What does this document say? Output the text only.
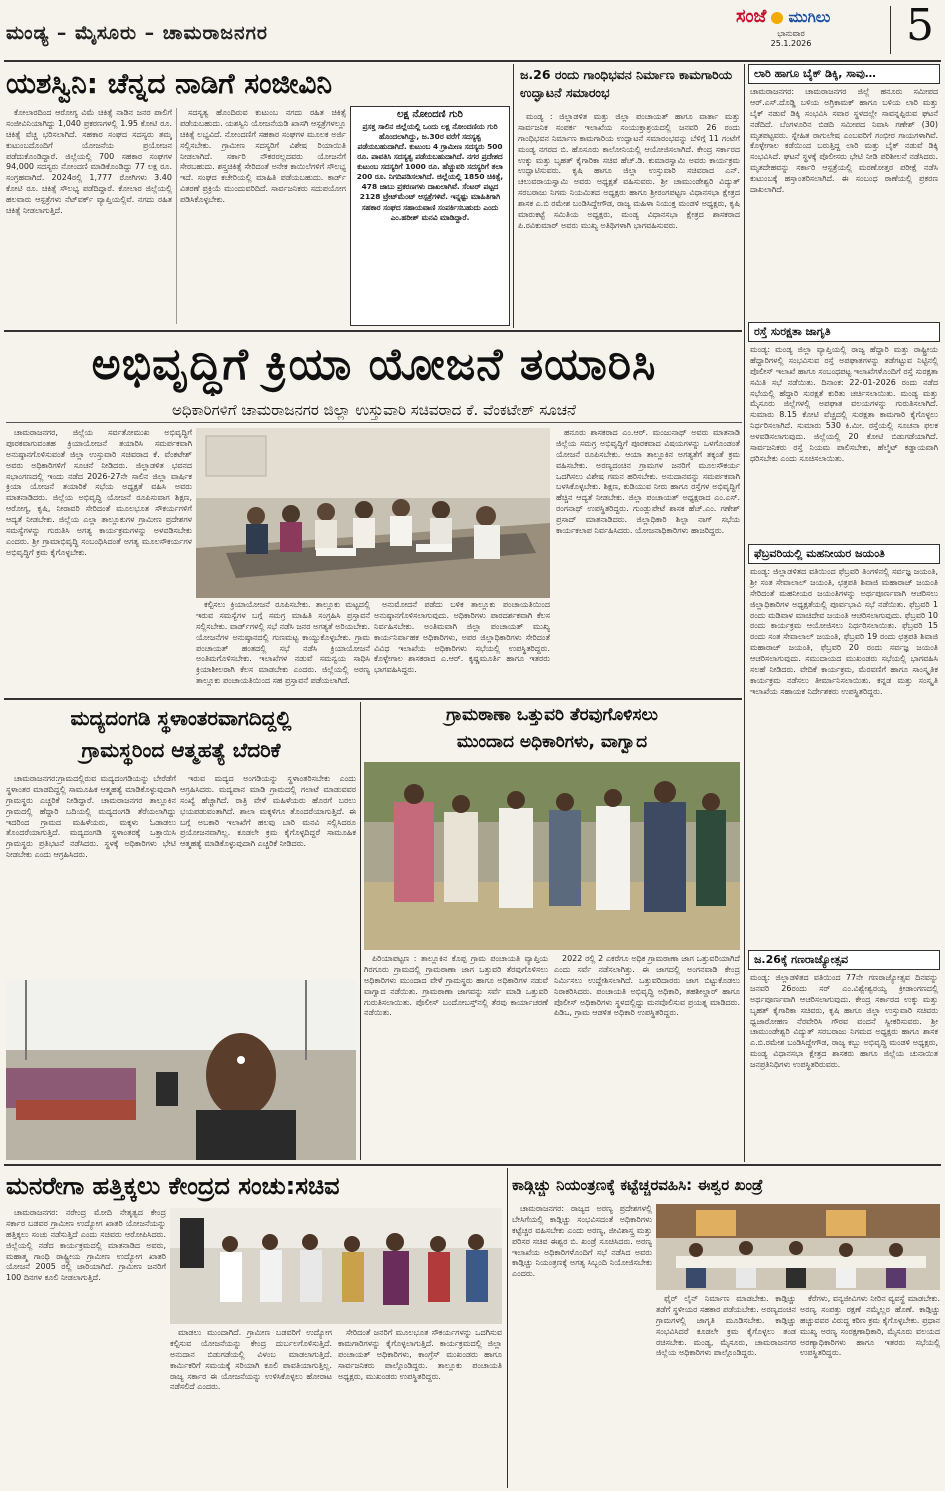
ಮಂಡ್ಯ – ಮೈಸೂರು – ಚಾಮರಾಜನಗರ
ಸಂಜೆ ಮುಗಿಲು
ಭಾನುವಾರ
25.1.2026	5
ಯಶಸ್ವಿನಿ: ಚೆನ್ನದ ನಾಡಿಗೆ ಸಂಜೀವಿನಿ

ಕೋಲಾರದಿಂದ ಆರೋಗ್ಯ ವಿಮೆ ಚಿಕಿತ್ಸೆ ನಾಡಿನ ಜನರ ಪಾಲಿಗೆ ಸಂಜೀವಿನಿಯಾಗಿದ್ದು 1,040 ಪ್ರಕರಣಗಳಲ್ಲಿ 1.95 ಕೋಟಿ ರೂ. ಚಿಕಿತ್ಸೆ ವೆಚ್ಚ ಭರಿಸಲಾಗಿದೆ. ಸಹಕಾರ ಸಂಘದ ಸದಸ್ಯರು ತಮ್ಮ ಕುಟುಂಬದೊಂದಿಗೆ ಯೋಜನೆಯ ಪ್ರಯೋಜನ ಪಡೆದುಕೊಂಡಿದ್ದಾರೆ. ಜಿಲ್ಲೆಯಲ್ಲಿ 700 ಸಹಕಾರ ಸಂಘಗಳ 94,000 ಸದಸ್ಯರು ನೋಂದಣಿ ಮಾಡಿಕೊಂಡಿದ್ದು 77 ಲಕ್ಷ ರೂ. ಸಂಗ್ರಹವಾಗಿದೆ. 2024ರಲ್ಲಿ 1,777 ರೋಗಿಗಳು 3.40 ಕೋಟಿ ರೂ. ಚಿಕಿತ್ಸೆ ಸೌಲಭ್ಯ ಪಡೆದಿದ್ದಾರೆ. ಕೋಲಾರ ಜಿಲ್ಲೆಯಲ್ಲಿ ಹಲವಾರು ಆಸ್ಪತ್ರೆಗಳು ನೆಟ್‌ವರ್ಕ್ ವ್ಯಾಪ್ತಿಯಲ್ಲಿವೆ. ನಗದು ರಹಿತ ಚಿಕಿತ್ಸೆ ನೀಡಲಾಗುತ್ತಿದೆ.

ಸದಸ್ಯತ್ವ ಹೊಂದಿರುವ ಕುಟುಂಬ ನಗದು ರಹಿತ ಚಿಕಿತ್ಸೆ ಪಡೆಯಬಹುದು. ಯಶಸ್ವಿನಿ ಯೋಜನೆಯಡಿ ಖಾಸಗಿ ಆಸ್ಪತ್ರೆಗಳಲ್ಲೂ ಚಿಕಿತ್ಸೆ ಲಭ್ಯವಿದೆ. ನೋಂದಣಿಗೆ ಸಹಕಾರ ಸಂಘಗಳ ಮೂಲಕ ಅರ್ಜಿ ಸಲ್ಲಿಸಬೇಕು. ಗ್ರಾಮೀಣ ಸದಸ್ಯರಿಗೆ ವಿಶೇಷ ರಿಯಾಯಿತಿ ನೀಡಲಾಗಿದೆ. ಸರ್ಕಾರಿ ನೌಕರರಲ್ಲದವರು ಯೋಜನೆಗೆ ಸೇರಬಹುದು. ಶಸ್ತ್ರಚಿಕಿತ್ಸೆ ಸೇರಿದಂತೆ ಅನೇಕ ಕಾಯಿಲೆಗಳಿಗೆ ಸೌಲಭ್ಯ ಇದೆ. ಸಂಘದ ಕಚೇರಿಯಲ್ಲಿ ಮಾಹಿತಿ ಪಡೆಯಬಹುದು. ಕಾರ್ಡ್ ವಿತರಣೆ ಪ್ರಕ್ರಿಯೆ ಮುಂದುವರಿದಿದೆ. ಸಾರ್ವಜನಿಕರು ಸದುಪಯೋಗ ಪಡಿಸಿಕೊಳ್ಳಬೇಕು.

ಲಕ್ಷ ನೋಂದಣಿ ಗುರಿ
ಪ್ರಸಕ್ತ ಸಾಲಿನ ಜಿಲ್ಲೆಯಲ್ಲಿ ಒಂದು ಲಕ್ಷ ನೋಂದಣಿಯ ಗುರಿ ಹೊಂದಲಾಗಿದ್ದು, ಜ.30ರ ವರೆಗೆ ಸದಸ್ಯತ್ವ ಪಡೆಯಬಹುದಾಗಿದೆ. ಕುಟುಂಬ 4 ಗ್ರಾಮೀಣ ಸದಸ್ಯರು 500 ರೂ. ಪಾವತಿಸಿ ಸದಸ್ಯತ್ವ ಪಡೆಯಬಹುದಾಗಿದೆ. ನಗರ ಪ್ರದೇಶದ ಕುಟುಂಬ ಸದಸ್ಯರಿಗೆ 1000 ರೂ. ಹೆಚ್ಚುವರಿ ಸದಸ್ಯರಿಗೆ ತಲಾ 200 ರೂ. ನಿಗದಿಪಡಿಸಲಾಗಿದೆ. ಜಿಲ್ಲೆಯಲ್ಲಿ 1850 ಚಿಕಿತ್ಸೆ, 478 ಜಾಬು ಪ್ರಕರಣಗಳು ದಾಖಲಾಗಿವೆ. ಸೆಂಟರ್ ಪಟ್ಟದ 2128 ಟ್ರೇಟ್‌ಮೆಂಟ್ ಆಸ್ಪತ್ರೆಗಳಿವೆ. ಇನ್ನಷ್ಟು ಮಾಹಿತಿಗಾಗಿ ಸಹಕಾರ ಸಂಘದ ಸಹಾಯವಾಣಿ ಸಂಪರ್ಕಿಸಬಹುದು ಎಂದು ಎಂ.ಹರೀಶ್ ಮನವಿ ಮಾಡಿದ್ದಾರೆ.
ಜ.26 ರಂದು ಗಾಂಧಿಭವನ ನಿರ್ಮಾಣ ಕಾಮಗಾರಿಯ ಉದ್ಘಾಟನೆ ಸಮಾರಂಭ

ಮಂಡ್ಯ : ಜಿಲ್ಲಾಡಳಿತ ಮತ್ತು ಜಿಲ್ಲಾ ಪಂಚಾಯತ್ ಹಾಗೂ ವಾರ್ತಾ ಮತ್ತು ಸಾರ್ವಜನಿಕ ಸಂಪರ್ಕ ಇಲಾಖೆಯ ಸಂಯುಕ್ತಾಶ್ರಯದಲ್ಲಿ ಜನವರಿ 26 ರಂದು ಗಾಂಧಿಭವನ ನಿರ್ಮಾಣ ಕಾಮಗಾರಿಯ ಉದ್ಘಾಟನೆ ಸಮಾರಂಭವನ್ನು ಬೆಳಿಗ್ಗೆ 11 ಗಂಟೆಗೆ ಮಂಡ್ಯ ನಗರದ ಬಿ. ಹೊಸೂರು ಕಾಲೋನಿಯಲ್ಲಿ ಆಯೋಜಿಸಲಾಗಿದೆ. ಕೇಂದ್ರ ಸರ್ಕಾರದ ಉಕ್ಕು ಮತ್ತು ಬೃಹತ್ ಕೈಗಾರಿಕಾ ಸಚಿವ ಹೆಚ್.ಡಿ. ಕುಮಾರಸ್ವಾಮಿ ಅವರು ಕಾರ್ಯಕ್ರಮ ಉದ್ಘಾಟಿಸುವರು. ಕೃಷಿ ಹಾಗೂ ಜಿಲ್ಲಾ ಉಸ್ತುವಾರಿ ಸಚಿವರಾದ ಎನ್. ಚಲುವರಾಯಸ್ವಾಮಿ ಅವರು ಅಧ್ಯಕ್ಷತೆ ವಹಿಸುವರು. ಶ್ರೀ ಚಾಮುಂಡೇಶ್ವರಿ ವಿದ್ಯುತ್ ಸರಬರಾಜು ನಿಗಮ ನಿಯಮಿತದ ಅಧ್ಯಕ್ಷರು ಹಾಗೂ ಶ್ರೀರಂಗಪಟ್ಟಣ ವಿಧಾನಸಭಾ ಕ್ಷೇತ್ರದ ಶಾಸಕ ಎ.ಬಿ ರಮೇಶ ಬಂಡಿಸಿದ್ದೇಗೌಡ, ರಾಜ್ಯ ಮಹಿಳಾ ನಿಯುಕ್ತ ಮಂಡಳಿ ಅಧ್ಯಕ್ಷರು, ಕೃಷಿ ಮಾರುಕಟ್ಟೆ ಸಮಿತಿಯ ಅಧ್ಯಕ್ಷರು, ಮಂಡ್ಯ ವಿಧಾನಸಭಾ ಕ್ಷೇತ್ರದ ಶಾಸಕರಾದ ಪಿ.ರವಿಕುಮಾರ್ ಅವರು ಮುಖ್ಯ ಅತಿಥಿಗಳಾಗಿ ಭಾಗವಹಿಸುವರು.

ಲಾರಿ ಹಾಗೂ ಬೈಕ್ ಡಿಕ್ಕಿ, ಸಾವು…
ಚಾಮರಾಜನಗರ: ಚಾಮರಾಜನಗರ ಜಿಲ್ಲೆ ಹನೂರು ಸಮೀಪದ ಆರ್.ಎಸ್.ದೊಡ್ಡಿ ಬಳಿಯ ಅಗ್ರಿಕಾಮಕ್ ಹಾಗೂ ಬಳಿಯ ಲಾರಿ ಮತ್ತು ಬೈಕ್ ನಡುವೆ ಡಿಕ್ಕಿ ಸಂಭವಿಸಿ ಸವಾರ ಸ್ಥಳದಲ್ಲೇ ಸಾವನ್ನಪ್ಪಿರುವ ಘಟನೆ ನಡೆದಿದೆ. ಬೆಂಗಳೂರಿನ ಬಿಡದಿ ಸಮೀಪದ ನಿವಾಸಿ ಗಣೇಶ್ (30) ಮೃತಪಟ್ಟವರು. ಸ್ನೇಹಿತ ರಾಗುಲೇಷ ಎಂಬವರಿಗೆ ಗಂಭೀರ ಗಾಯಗಳಾಗಿವೆ. ಕೊಳ್ಳೇಗಾಲ ಕಡೆಯಿಂದ ಬರುತ್ತಿದ್ದ ಲಾರಿ ಮತ್ತು ಬೈಕ್ ನಡುವೆ ಡಿಕ್ಕಿ ಸಂಭವಿಸಿದೆ. ಘಟನೆ ಸ್ಥಳಕ್ಕೆ ಪೊಲೀಸರು ಭೇಟಿ ನೀಡಿ ಪರಿಶೀಲನೆ ನಡೆಸಿದರು. ಮೃತದೇಹವನ್ನು ಸರ್ಕಾರಿ ಆಸ್ಪತ್ರೆಯಲ್ಲಿ ಮರಣೋತ್ತರ ಪರೀಕ್ಷೆ ನಡೆಸಿ ಕುಟುಂಬಕ್ಕೆ ಹಸ್ತಾಂತರಿಸಲಾಗಿದೆ. ಈ ಸಂಬಂಧ ಠಾಣೆಯಲ್ಲಿ ಪ್ರಕರಣ ದಾಖಲಾಗಿದೆ.
ರಸ್ತೆ ಸುರಕ್ಷತಾ ಜಾಗೃತಿ
ಮಂಡ್ಯ: ಮಂಡ್ಯ ಜಿಲ್ಲಾ ವ್ಯಾಪ್ತಿಯಲ್ಲಿ ರಾಜ್ಯ ಹೆದ್ದಾರಿ ಮತ್ತು ರಾಷ್ಟ್ರೀಯ ಹೆದ್ದಾರಿಗಳಲ್ಲಿ ಸಂಭವಿಸುವ ರಸ್ತೆ ಅಪಘಾತಗಳನ್ನು ತಡೆಗಟ್ಟುವ ನಿಟ್ಟಿನಲ್ಲಿ ಪೊಲೀಸ್ ಇಲಾಖೆ ಹಾಗೂ ಸಂಬಂಧಪಟ್ಟ ಇಲಾಖೆಗಳೊಂದಿಗೆ ರಸ್ತೆ ಸುರಕ್ಷತಾ ಸಮಿತಿ ಸಭೆ ನಡೆಯಿತು. ದಿನಾಂಕ: 22-01-2026 ರಂದು ನಡೆದ ಸಭೆಯಲ್ಲಿ ಹೆದ್ದಾರಿ ಸುರಕ್ಷತೆ ಕುರಿತು ಚರ್ಚಿಸಲಾಯಿತು. ಮಂಡ್ಯ ಮತ್ತು ಮೈಸೂರು ಜಿಲ್ಲೆಗಳಲ್ಲಿ ಅಪಘಾತ ವಲಯಗಳನ್ನು ಗುರುತಿಸಲಾಗಿದೆ. ಸುಮಾರು 8.15 ಕೋಟಿ ವೆಚ್ಚದಲ್ಲಿ ಸುರಕ್ಷತಾ ಕಾಮಗಾರಿ ಕೈಗೊಳ್ಳಲು ನಿರ್ಧರಿಸಲಾಗಿದೆ. ಸುಮಾರು 530 ಕಿ.ಮೀ. ರಸ್ತೆಯಲ್ಲಿ ಸೂಚನಾ ಫಲಕ ಅಳವಡಿಸಲಾಗುವುದು. ಜಿಲ್ಲೆಯಲ್ಲಿ 20 ಕೋಟಿ ಬಿಡುಗಡೆಯಾಗಿದೆ. ಸಾರ್ವಜನಿಕರು ರಸ್ತೆ ನಿಯಮ ಪಾಲಿಸಬೇಕು, ಹೆಲ್ಮೆಟ್ ಕಡ್ಡಾಯವಾಗಿ ಧರಿಸಬೇಕು ಎಂದು ಸೂಚಿಸಲಾಯಿತು.
ಫೆಬ್ರವರಿಯಲ್ಲಿ ಮಹನೀಯರ ಜಯಂತಿ
ಮಂಡ್ಯ: ಜಿಲ್ಲಾಡಳಿತದ ವತಿಯಿಂದ ಫೆಬ್ರವರಿ ತಿಂಗಳಿನಲ್ಲಿ ಸರ್ವಜ್ಞ ಜಯಂತಿ, ಶ್ರೀ ಸಂತ ಸೇವಾಲಾಲ್ ಜಯಂತಿ, ಛತ್ರಪತಿ ಶಿವಾಜಿ ಮಹಾರಾಜ್ ಜಯಂತಿ ಸೇರಿದಂತೆ ಮಹನೀಯರ ಜಯಂತಿಗಳನ್ನು ಅರ್ಥಪೂರ್ಣವಾಗಿ ಆಚರಿಸಲು ಜಿಲ್ಲಾಧಿಕಾರಿಗಳ ಅಧ್ಯಕ್ಷತೆಯಲ್ಲಿ ಪೂರ್ವಭಾವಿ ಸಭೆ ನಡೆಯಿತು. ಫೆಬ್ರವರಿ 1 ರಂದು ಮಡಿವಾಳ ಮಾಚಿದೇವ ಜಯಂತಿ ಆಚರಿಸಲಾಗುವುದು. ಫೆಬ್ರವರಿ 10 ರಂದು ಕಾರ್ಯಕ್ರಮ ಆಯೋಜಿಸಲು ನಿರ್ಧರಿಸಲಾಯಿತು. ಫೆಬ್ರವರಿ 15 ರಂದು ಸಂತ ಸೇವಾಲಾಲ್ ಜಯಂತಿ, ಫೆಬ್ರವರಿ 19 ರಂದು ಛತ್ರಪತಿ ಶಿವಾಜಿ ಮಹಾರಾಜ್ ಜಯಂತಿ, ಫೆಬ್ರವರಿ 20 ರಂದು ಸರ್ವಜ್ಞ ಜಯಂತಿ ಆಚರಿಸಲಾಗುವುದು. ಸಮುದಾಯದ ಮುಖಂಡರು ಸಭೆಯಲ್ಲಿ ಭಾಗವಹಿಸಿ ಸಲಹೆ ನೀಡಿದರು. ವೇದಿಕೆ ಕಾರ್ಯಕ್ರಮ, ಮೆರವಣಿಗೆ ಹಾಗೂ ಸಾಂಸ್ಕೃತಿಕ ಕಾರ್ಯಕ್ರಮ ನಡೆಸಲು ತೀರ್ಮಾನಿಸಲಾಯಿತು. ಕನ್ನಡ ಮತ್ತು ಸಂಸ್ಕೃತಿ ಇಲಾಖೆಯ ಸಹಾಯಕ ನಿರ್ದೇಶಕರು ಉಪಸ್ಥಿತರಿದ್ದರು.
ಜ.26ಕ್ಕೆ ಗಣರಾಜ್ಯೋತ್ಸವ
ಮಂಡ್ಯ: ಜಿಲ್ಲಾಡಳಿತದ ವತಿಯಿಂದ 77ನೇ ಗಣರಾಜ್ಯೋತ್ಸವ ದಿನವನ್ನು ಜನವರಿ 26ರಂದು ಸರ್ ಎಂ.ವಿಶ್ವೇಶ್ವರಯ್ಯ ಕ್ರೀಡಾಂಗಣದಲ್ಲಿ ಅರ್ಥಪೂರ್ಣವಾಗಿ ಆಚರಿಸಲಾಗುವುದು. ಕೇಂದ್ರ ಸರ್ಕಾರದ ಉಕ್ಕು ಮತ್ತು ಬೃಹತ್ ಕೈಗಾರಿಕಾ ಸಚಿವರು, ಕೃಷಿ ಹಾಗೂ ಜಿಲ್ಲಾ ಉಸ್ತುವಾರಿ ಸಚಿವರು ಧ್ವಜಾರೋಹಣ ನೆರವೇರಿಸಿ ಗೌರವ ವಂದನೆ ಸ್ವೀಕರಿಸುವರು. ಶ್ರೀ ಚಾಮುಂಡೇಶ್ವರಿ ವಿದ್ಯುತ್ ಸರಬರಾಜು ನಿಗಮದ ಅಧ್ಯಕ್ಷರು ಹಾಗೂ ಶಾಸಕ ಎ.ಬಿ.ರಮೇಶ ಬಂಡಿಸಿದ್ದೇಗೌಡ, ರಾಜ್ಯ ಕಬ್ಬು ಅಭಿವೃದ್ಧಿ ಮಂಡಳಿ ಅಧ್ಯಕ್ಷರು, ಮಂಡ್ಯ ವಿಧಾನಸಭಾ ಕ್ಷೇತ್ರದ ಶಾಸಕರು ಹಾಗೂ ಜಿಲ್ಲೆಯ ಚುನಾಯಿತ ಜನಪ್ರತಿನಿಧಿಗಳು ಉಪಸ್ಥಿತರಿರುವರು.
ಅಭಿವೃದ್ಧಿಗೆ ಕ್ರಿಯಾ ಯೋಜನೆ ತಯಾರಿಸಿ
ಅಧಿಕಾರಿಗಳಿಗೆ ಚಾಮರಾಜನಗರ ಜಿಲ್ಲಾ ಉಸ್ತುವಾರಿ ಸಚಿವರಾದ ಕೆ. ವೆಂಕಟೇಶ್ ಸೂಚನೆ

ಚಾಮರಾಜನಗರ, ಜಿಲ್ಲೆಯ ಸರ್ವತೋಮುಖ ಅಭಿವೃದ್ಧಿಗೆ ಪೂರಕವಾಗುವಂತಹ ಕ್ರಿಯಾಯೋಜನೆ ತಯಾರಿಸಿ ಸಮರ್ಪಕವಾಗಿ ಅನುಷ್ಠಾನಗೊಳಿಸುವಂತೆ ಜಿಲ್ಲಾ ಉಸ್ತುವಾರಿ ಸಚಿವರಾದ ಕೆ. ವೆಂಕಟೇಶ್ ಅವರು ಅಧಿಕಾರಿಗಳಿಗೆ ಸೂಚನೆ ನೀಡಿದರು. ಜಿಲ್ಲಾಡಳಿತ ಭವನದ ಸಭಾಂಗಣದಲ್ಲಿ ಇಂದು ನಡೆದ 2026-27ನೇ ಸಾಲಿನ ಜಿಲ್ಲಾ ವಾರ್ಷಿಕ ಕ್ರಿಯಾ ಯೋಜನೆ ತಯಾರಿಕೆ ಸಭೆಯ ಅಧ್ಯಕ್ಷತೆ ವಹಿಸಿ ಅವರು ಮಾತನಾಡಿದರು. ಜಿಲ್ಲೆಯ ಅಭಿವೃದ್ಧಿ ಯೋಜನೆ ರೂಪಿಸುವಾಗ ಶಿಕ್ಷಣ, ಆರೋಗ್ಯ, ಕೃಷಿ, ನೀರಾವರಿ ಸೇರಿದಂತೆ ಮೂಲಭೂತ ಸೌಕರ್ಯಗಳಿಗೆ ಆದ್ಯತೆ ನೀಡಬೇಕು. ಜಿಲ್ಲೆಯ ಎಲ್ಲಾ ತಾಲ್ಲೂಕುಗಳ ಗ್ರಾಮೀಣ ಪ್ರದೇಶಗಳ ಸಮಸ್ಯೆಗಳನ್ನು ಗುರುತಿಸಿ ಅಗತ್ಯ ಕಾರ್ಯಕ್ರಮಗಳನ್ನು ಅಳವಡಿಸಬೇಕು ಎಂದರು. ಶ್ರೀ ಗ್ರಾಮಾಭಿವೃದ್ಧಿ ಸಂಬಂಧಿಸಿದಂತೆ ಅಗತ್ಯ ಮೂಲಸೌಕರ್ಯಗಳ ಅಭಿವೃದ್ಧಿಗೆ ಕ್ರಮ ಕೈಗೊಳ್ಳಬೇಕು.

ಕಲ್ಪಿಸಲು ಕ್ರಿಯಾಯೋಜನೆ ರೂಪಿಸಬೇಕು. ತಾಲ್ಲೂಕು ಮಟ್ಟದಲ್ಲಿ ಇರುವ ಸಮಸ್ಯೆಗಳ ಬಗ್ಗೆ ಸಮಗ್ರ ಮಾಹಿತಿ ಸಂಗ್ರಹಿಸಿ ಪ್ರಸ್ತಾವನೆ ಸಲ್ಲಿಸಬೇಕು. ವಾರ್ಡ್‌ಗಳಲ್ಲಿ ಸಭೆ ನಡೆಸಿ ಜನರ ಅಗತ್ಯತೆ ಅರಿಯಬೇಕು. ಯೋಜನೆಗಳ ಅನುಷ್ಠಾನದಲ್ಲಿ ಗುಣಮಟ್ಟ ಕಾಯ್ದುಕೊಳ್ಳಬೇಕು. ಗ್ರಾಮ ಪಂಚಾಯತ್ ಹಂತದಲ್ಲಿ ಸಭೆ ನಡೆಸಿ ಕ್ರಿಯಾಯೋಜನೆ ಅಂತಿಮಗೊಳಿಸಬೇಕು. ಇಲಾಖೆಗಳ ನಡುವೆ ಸಮನ್ವಯ ಸಾಧಿಸಿ ಕ್ರಿಯಾಶೀಲರಾಗಿ ಕೆಲಸ ಮಾಡಬೇಕು ಎಂದರು. ಜಿಲ್ಲೆಯಲ್ಲಿ ಅರಣ್ಯ ತಾಲ್ಲೂಕು ಪಂಚಾಯತಿಯಿಂದ ಸಹ ಪ್ರಸ್ತಾವನೆ ಪಡೆಯಲಾಗಿದೆ.

ಅನುಮೋದನೆ ಪಡೆದು ಬಳಿಕ ತಾಲ್ಲೂಕು ಪಂಚಾಯತಿಯಿಂದ ಅನುಷ್ಠಾನಗೊಳಿಸಲಾಗುವುದು. ಅಧಿಕಾರಿಗಳು ಪಾರದರ್ಶಕವಾಗಿ ಕೆಲಸ ನಿರ್ವಹಿಸಬೇಕು. ಅಂತಿಮವಾಗಿ ಜಿಲ್ಲಾ ಪಂಚಾಯತ್ ಮುಖ್ಯ ಕಾರ್ಯನಿರ್ವಾಹಕ ಅಧಿಕಾರಿಗಳು, ಅಪರ ಜಿಲ್ಲಾಧಿಕಾರಿಗಳು ಸೇರಿದಂತೆ ವಿವಿಧ ಇಲಾಖೆಯ ಅಧಿಕಾರಿಗಳು ಸಭೆಯಲ್ಲಿ ಉಪಸ್ಥಿತರಿದ್ದರು. ಕೊಳ್ಳೇಗಾಲ ಶಾಸಕರಾದ ಎ.ಆರ್. ಕೃಷ್ಣಮೂರ್ತಿ ಹಾಗೂ ಇತರರು ಭಾಗವಹಿಸಿದ್ದರು.

ಹನೂರು ಶಾಸಕರಾದ ಎಂ.ಆರ್. ಮಂಜುನಾಥ್ ಅವರು ಮಾತನಾಡಿ ಜಿಲ್ಲೆಯ ಸಮಗ್ರ ಅಭಿವೃದ್ಧಿಗೆ ಪೂರಕವಾದ ವಿಷಯಗಳನ್ನು ಒಳಗೊಂಡಂತೆ ಯೋಜನೆ ರೂಪಿಸಬೇಕು. ಆಯಾ ತಾಲ್ಲೂಕಿನ ಅಗತ್ಯತೆಗೆ ತಕ್ಕಂತೆ ಕ್ರಮ ವಹಿಸಬೇಕು. ಅರಣ್ಯದಂಚಿನ ಗ್ರಾಮಗಳ ಜನರಿಗೆ ಮೂಲಸೌಕರ್ಯ ಒದಗಿಸಲು ವಿಶೇಷ ಗಮನ ಹರಿಸಬೇಕು. ಅನುದಾನವನ್ನು ಸಮರ್ಪಕವಾಗಿ ಬಳಸಿಕೊಳ್ಳಬೇಕು. ಶಿಕ್ಷಣ, ಕುಡಿಯುವ ನೀರು ಹಾಗೂ ರಸ್ತೆಗಳ ಅಭಿವೃದ್ಧಿಗೆ ಹೆಚ್ಚಿನ ಆದ್ಯತೆ ನೀಡಬೇಕು. ಜಿಲ್ಲಾ ಪಂಚಾಯತ್ ಅಧ್ಯಕ್ಷರಾದ ಎಂ.ಎಸ್. ರಂಗನಾಥ್ ಉಪಸ್ಥಿತರಿದ್ದರು. ಗುಂಡ್ಲುಪೇಟೆ ಶಾಸಕ ಹೆಚ್.ಎಂ. ಗಣೇಶ್ ಪ್ರಸಾದ್ ಮಾತನಾಡಿದರು. ಜಿಲ್ಲಾಧಿಕಾರಿ ಶಿಲ್ಪಾ ನಾಗ್ ಸಭೆಯ ಕಾರ್ಯಕಲಾಪ ನಿರ್ವಹಿಸಿದರು. ಯೋಜನಾಧಿಕಾರಿಗಳು ಹಾಜರಿದ್ದರು.

ಮದ್ಯದಂಗಡಿ ಸ್ಥಳಾಂತರವಾಗದಿದ್ದಲ್ಲಿ
ಗ್ರಾಮಸ್ಥರಿಂದ ಆತ್ಮಹತ್ಯೆ ಬೆದರಿಕೆ

ಚಾಮರಾಜನಗರ:ಗ್ರಾಮದಲ್ಲಿರುವ ಮದ್ಯದಂಗಡಿಯನ್ನು ಬೇರೆಡೆಗೆ ಸ್ಥಳಾಂತರ ಮಾಡದಿದ್ದಲ್ಲಿ ಸಾಮೂಹಿಕ ಆತ್ಮಹತ್ಯೆ ಮಾಡಿಕೊಳ್ಳುವುದಾಗಿ ಗ್ರಾಮಸ್ಥರು ಎಚ್ಚರಿಕೆ ನೀಡಿದ್ದಾರೆ. ಚಾಮರಾಜನಗರ ತಾಲ್ಲೂಕಿನ ಗ್ರಾಮದಲ್ಲಿ ಹೆದ್ದಾರಿ ಬದಿಯಲ್ಲಿ ಮದ್ಯದಂಗಡಿ ತೆರೆಯಲಾಗಿದ್ದು ಇದರಿಂದ ಗ್ರಾಮದ ಮಹಿಳೆಯರು, ಮಕ್ಕಳು ಓಡಾಡಲು ತೊಂದರೆಯಾಗುತ್ತಿದೆ. ಮದ್ಯದಂಗಡಿ ಸ್ಥಳಾಂತರಕ್ಕೆ ಒತ್ತಾಯಿಸಿ ಗ್ರಾಮಸ್ಥರು ಪ್ರತಿಭಟನೆ ನಡೆಸಿದರು. ಸ್ಥಳಕ್ಕೆ ಅಧಿಕಾರಿಗಳು ಭೇಟಿ ನೀಡಬೇಕು ಎಂದು ಆಗ್ರಹಿಸಿದರು.

ಇರುವ ಮದ್ಯದ ಅಂಗಡಿಯನ್ನು ಸ್ಥಳಾಂತರಿಸಬೇಕು ಎಂದು ಆಗ್ರಹಿಸಿದರು. ಮದ್ಯಪಾನ ಮಾಡಿ ಗ್ರಾಮದಲ್ಲಿ ಗಲಾಟೆ ಮಾಡುವವರ ಸಂಖ್ಯೆ ಹೆಚ್ಚಾಗಿದೆ. ರಾತ್ರಿ ವೇಳೆ ಮಹಿಳೆಯರು ಹೊರಗೆ ಬರಲು ಭಯಪಡುವಂತಾಗಿದೆ. ಶಾಲಾ ಮಕ್ಕಳಿಗೂ ತೊಂದರೆಯಾಗುತ್ತಿದೆ. ಈ ಬಗ್ಗೆ ಅಬಕಾರಿ ಇಲಾಖೆಗೆ ಹಲವು ಬಾರಿ ಮನವಿ ಸಲ್ಲಿಸಿದರೂ ಪ್ರಯೋಜನವಾಗಿಲ್ಲ. ಕೂಡಲೇ ಕ್ರಮ ಕೈಗೊಳ್ಳದಿದ್ದರೆ ಸಾಮೂಹಿಕ ಆತ್ಮಹತ್ಯೆ ಮಾಡಿಕೊಳ್ಳುವುದಾಗಿ ಎಚ್ಚರಿಕೆ ನೀಡಿದರು.

ಗ್ರಾಮಠಾಣಾ ಒತ್ತುವರಿ ತೆರವುಗೊಳಿಸಲು
ಮುಂದಾದ ಅಧಿಕಾರಿಗಳು, ವಾಗ್ವಾದ

ಪಿರಿಯಾಪಟ್ಟಣ : ತಾಲ್ಲೂಕಿನ ಕೊಪ್ಪ ಗ್ರಾಮ ಪಂಚಾಯತಿ ವ್ಯಾಪ್ತಿಯ ಗಿರಗೂರು ಗ್ರಾಮದಲ್ಲಿ ಗ್ರಾಮಠಾಣಾ ಜಾಗ ಒತ್ತುವರಿ ತೆರವುಗೊಳಿಸಲು ಅಧಿಕಾರಿಗಳು ಮುಂದಾದ ವೇಳೆ ಗ್ರಾಮಸ್ಥರು ಹಾಗೂ ಅಧಿಕಾರಿಗಳ ನಡುವೆ ವಾಗ್ವಾದ ನಡೆಯಿತು. ಗ್ರಾಮಠಾಣಾ ಜಾಗವನ್ನು ಸರ್ವೆ ಮಾಡಿ ಒತ್ತುವರಿ ಗುರುತಿಸಲಾಯಿತು. ಪೊಲೀಸ್ ಬಂದೋಬಸ್ತ್‌ನಲ್ಲಿ ತೆರವು ಕಾರ್ಯಾಚರಣೆ ನಡೆಯಿತು.

2022 ರಲ್ಲಿ 2 ಎಕರೆಗೂ ಅಧಿಕ ಗ್ರಾಮಠಾಣಾ ಜಾಗ ಒತ್ತುವರಿಯಾಗಿದೆ ಎಂದು ಸರ್ವೆ ನಡೆಸಲಾಗಿತ್ತು. ಈ ಜಾಗದಲ್ಲಿ ಅಂಗನವಾಡಿ ಕೇಂದ್ರ ನಿರ್ಮಿಸಲು ಉದ್ದೇಶಿಸಲಾಗಿದೆ. ಒತ್ತುವರಿದಾರರು ಜಾಗ ಬಿಟ್ಟುಕೊಡಲು ನಿರಾಕರಿಸಿದರು. ಪಂಚಾಯತಿ ಅಭಿವೃದ್ಧಿ ಅಧಿಕಾರಿ, ತಹಶೀಲ್ದಾರ್ ಹಾಗೂ ಪೊಲೀಸ್ ಅಧಿಕಾರಿಗಳು ಸ್ಥಳದಲ್ಲಿದ್ದು ಮನವೊಲಿಸುವ ಪ್ರಯತ್ನ ಮಾಡಿದರು. ಪಿಡಿಒ, ಗ್ರಾಮ ಆಡಳಿತ ಅಧಿಕಾರಿ ಉಪಸ್ಥಿತರಿದ್ದರು.

ಮನರೇಗಾ ಹತ್ತಿಕ್ಕಲು ಕೇಂದ್ರದ ಸಂಚು:ಸಚಿವ

ಚಾಮರಾಜನಗರ: ನರೇಂದ್ರ ಮೋದಿ ನೇತೃತ್ವದ ಕೇಂದ್ರ ಸರ್ಕಾರ ಬಡವರ ಗ್ರಾಮೀಣ ಉದ್ಯೋಗ ಖಾತರಿ ಯೋಜನೆಯನ್ನು ಹತ್ತಿಕ್ಕಲು ಸಂಚು ನಡೆಸುತ್ತಿದೆ ಎಂದು ಸಚಿವರು ಆರೋಪಿಸಿದರು. ಜಿಲ್ಲೆಯಲ್ಲಿ ನಡೆದ ಕಾರ್ಯಕ್ರಮದಲ್ಲಿ ಮಾತನಾಡಿದ ಅವರು, ಮಹಾತ್ಮ ಗಾಂಧಿ ರಾಷ್ಟ್ರೀಯ ಗ್ರಾಮೀಣ ಉದ್ಯೋಗ ಖಾತರಿ ಯೋಜನೆ 2005 ರಲ್ಲಿ ಜಾರಿಯಾಗಿದೆ. ಗ್ರಾಮೀಣ ಜನರಿಗೆ 100 ದಿನಗಳ ಕೂಲಿ ನೀಡಲಾಗುತ್ತಿದೆ.

ಮಾಡಲು ಮುಂದಾಗಿದೆ. ಗ್ರಾಮೀಣ ಬಡವರಿಗೆ ಉದ್ಯೋಗ ಕಲ್ಪಿಸುವ ಯೋಜನೆಯನ್ನು ಕೇಂದ್ರ ದುರ್ಬಲಗೊಳಿಸುತ್ತಿದೆ. ಅನುದಾನ ಬಿಡುಗಡೆಯಲ್ಲಿ ವಿಳಂಬ ಮಾಡಲಾಗುತ್ತಿದೆ. ಕಾರ್ಮಿಕರಿಗೆ ಸಮಯಕ್ಕೆ ಸರಿಯಾಗಿ ಕೂಲಿ ಪಾವತಿಯಾಗುತ್ತಿಲ್ಲ. ರಾಜ್ಯ ಸರ್ಕಾರ ಈ ಯೋಜನೆಯನ್ನು ಉಳಿಸಿಕೊಳ್ಳಲು ಹೋರಾಟ ನಡೆಸಲಿದೆ ಎಂದರು.

ಸೇರಿದಂತೆ ಜನರಿಗೆ ಮೂಲಭೂತ ಸೌಕರ್ಯಗಳನ್ನು ಒದಗಿಸುವ ಕಾಮಗಾರಿಗಳನ್ನು ಕೈಗೊಳ್ಳಲಾಗುತ್ತಿದೆ. ಕಾರ್ಯಕ್ರಮದಲ್ಲಿ ಜಿಲ್ಲಾ ಪಂಚಾಯತ್ ಅಧಿಕಾರಿಗಳು, ಕಾಂಗ್ರೆಸ್ ಮುಖಂಡರು ಹಾಗೂ ಸಾರ್ವಜನಿಕರು ಪಾಲ್ಗೊಂಡಿದ್ದರು. ತಾಲ್ಲೂಕು ಪಂಚಾಯತಿ ಅಧ್ಯಕ್ಷರು, ಮುಖಂಡರು ಉಪಸ್ಥಿತರಿದ್ದರು.

ಕಾಡ್ಗಿಚ್ಚು ನಿಯಂತ್ರಣಕ್ಕೆ ಕಟ್ಟೆಚ್ಚರವಹಿಸಿ: ಈಶ್ವರ ಖಂಡ್ರೆ

ಚಾಮರಾಜನಗರ: ರಾಜ್ಯದ ಅರಣ್ಯ ಪ್ರದೇಶಗಳಲ್ಲಿ ಬೇಸಿಗೆಯಲ್ಲಿ ಕಾಡ್ಗಿಚ್ಚು ಸಂಭವಿಸದಂತೆ ಅಧಿಕಾರಿಗಳು ಕಟ್ಟೆಚ್ಚರ ವಹಿಸಬೇಕು ಎಂದು ಅರಣ್ಯ, ಜೀವಿಶಾಸ್ತ್ರ ಮತ್ತು ಪರಿಸರ ಸಚಿವ ಈಶ್ವರ ಬಿ. ಖಂಡ್ರೆ ಸೂಚಿಸಿದರು. ಅರಣ್ಯ ಇಲಾಖೆಯ ಅಧಿಕಾರಿಗಳೊಂದಿಗೆ ಸಭೆ ನಡೆಸಿದ ಅವರು ಕಾಡ್ಗಿಚ್ಚು ನಿಯಂತ್ರಣಕ್ಕೆ ಅಗತ್ಯ ಸಿಬ್ಬಂದಿ ನಿಯೋಜಿಸಬೇಕು ಎಂದರು.

ಫೈರ್ ಲೈನ್ ನಿರ್ಮಾಣ ಮಾಡಬೇಕು. ಕಾಡ್ಗಿಚ್ಚು ತಡೆಗೆ ಸ್ಥಳೀಯರ ಸಹಕಾರ ಪಡೆಯಬೇಕು. ಅರಣ್ಯದಂಚಿನ ಗ್ರಾಮಗಳಲ್ಲಿ ಜಾಗೃತಿ ಮೂಡಿಸಬೇಕು. ಕಾಡ್ಗಿಚ್ಚು ಸಂಭವಿಸಿದರೆ ಕೂಡಲೇ ಕ್ರಮ ಕೈಗೊಳ್ಳಲು ತಂಡ ರಚಿಸಬೇಕು. ಮಂಡ್ಯ, ಮೈಸೂರು, ಚಾಮರಾಜನಗರ ಜಿಲ್ಲೆಯ ಅಧಿಕಾರಿಗಳು ಪಾಲ್ಗೊಂಡಿದ್ದರು.

ಕೆರೆಗಳು, ವನ್ಯಜೀವಿಗಳು ನೀರಿನ ವ್ಯವಸ್ಥೆ ಮಾಡಬೇಕು. ಅರಣ್ಯ ಸಂಪತ್ತು ರಕ್ಷಣೆ ನಮ್ಮೆಲ್ಲರ ಹೊಣೆ. ಕಾಡ್ಗಿಚ್ಚು ಹಚ್ಚುವವರ ವಿರುದ್ಧ ಕಠಿಣ ಕ್ರಮ ಕೈಗೊಳ್ಳಬೇಕು. ಪ್ರಧಾನ ಮುಖ್ಯ ಅರಣ್ಯ ಸಂರಕ್ಷಣಾಧಿಕಾರಿ, ಮೈಸೂರು ವಲಯದ ಅರಣ್ಯಾಧಿಕಾರಿಗಳು ಹಾಗೂ ಇತರರು ಸಭೆಯಲ್ಲಿ ಉಪಸ್ಥಿತರಿದ್ದರು.
